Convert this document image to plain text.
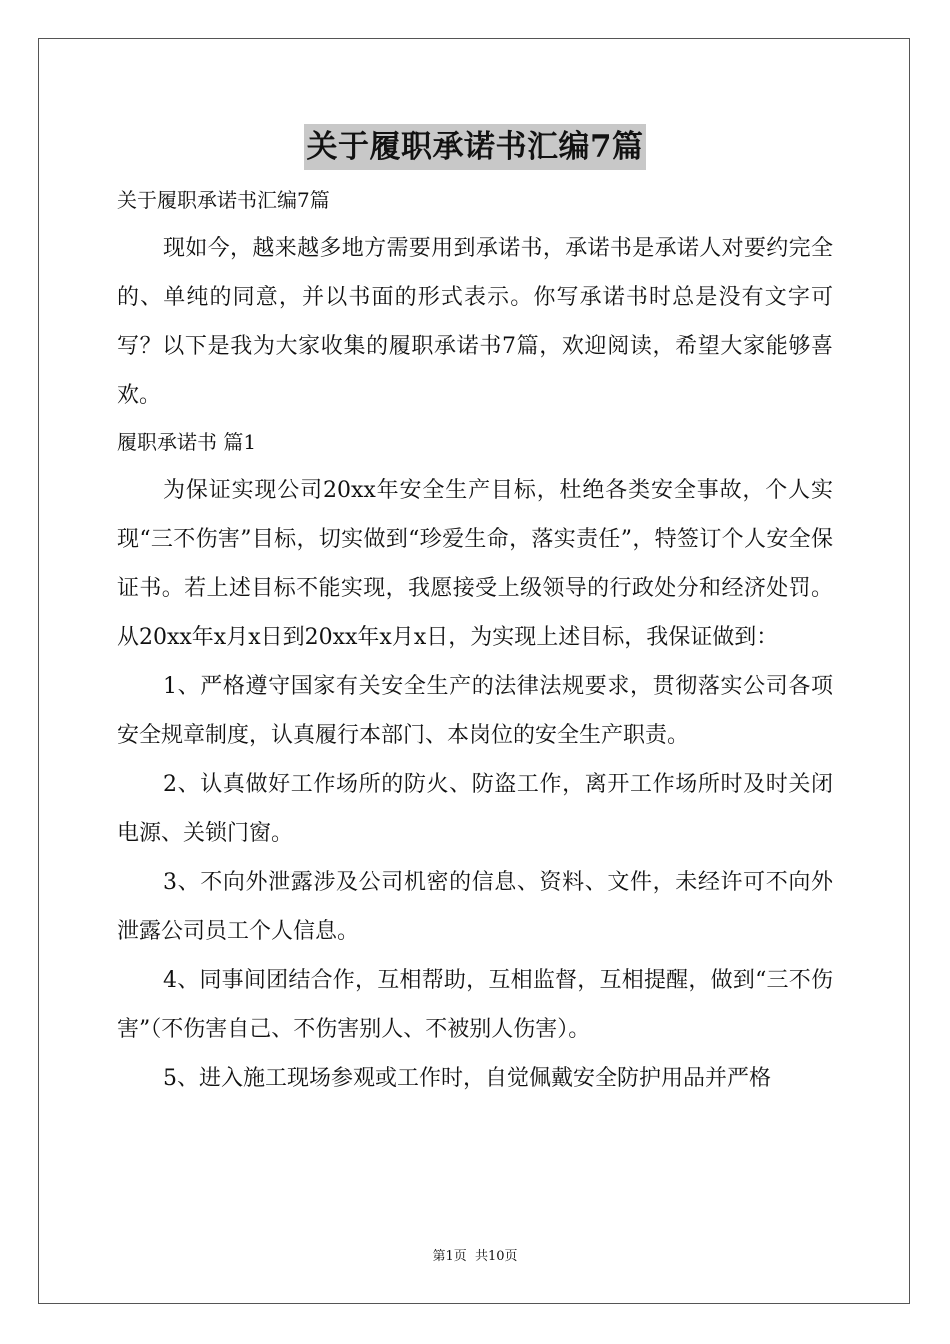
关于履职承诺书汇编7篇
关于履职承诺书汇编7篇

现如今，越来越多地方需要用到承诺书，承诺书是承诺人对要约完全的、单纯的同意，并以书面的形式表示。你写承诺书时总是没有文字可写？以下是我为大家收集的履职承诺书7篇，欢迎阅读，希望大家能够喜欢。

履职承诺书 篇1

为保证实现公司20xx年安全生产目标，杜绝各类安全事故，个人实现“三不伤害”目标，切实做到“珍爱生命，落实责任”，特签订个人安全保证书。若上述目标不能实现，我愿接受上级领导的行政处分和经济处罚。从20xx年x月x日到20xx年x月x日，为实现上述目标，我保证做到：

1、严格遵守国家有关安全生产的法律法规要求，贯彻落实公司各项安全规章制度，认真履行本部门、本岗位的安全生产职责。

2、认真做好工作场所的防火、防盗工作，离开工作场所时及时关闭电源、关锁门窗。

3、不向外泄露涉及公司机密的信息、资料、文件，未经许可不向外泄露公司员工个人信息。

4、同事间团结合作，互相帮助，互相监督，互相提醒，做到“三不伤害”（不伤害自己、不伤害别人、不被别人伤害）。

5、进入施工现场参观或工作时，自觉佩戴安全防护用品并严格

第1页 共10页
